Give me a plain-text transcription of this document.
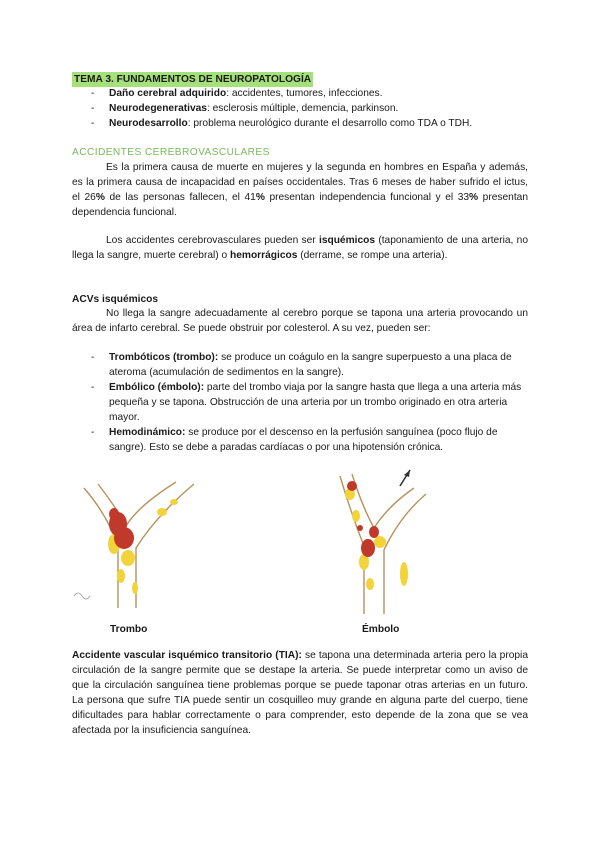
TEMA 3. FUNDAMENTOS DE NEUROPATOLOGÍA
- Daño cerebral adquirido: accidentes, tumores, infecciones.
- Neurodegenerativas: esclerosis múltiple, demencia, parkinson.
- Neurodesarrollo: problema neurológico durante el desarrollo como TDA o TDH.
ACCIDENTES CEREBROVASCULARES

Es la primera causa de muerte en mujeres y la segunda en hombres en España y además, es la primera causa de incapacidad en países occidentales. Tras 6 meses de haber sufrido el ictus, el 26% de las personas fallecen, el 41% presentan independencia funcional y el 33% presentan dependencia funcional.

Los accidentes cerebrovasculares pueden ser isquémicos (taponamiento de una arteria, no llega la sangre, muerte cerebral) o hemorrágicos (derrame, se rompe una arteria).

ACVs isquémicos

No llega la sangre adecuadamente al cerebro porque se tapona una arteria provocando un área de infarto cerebral. Se puede obstruir por colesterol. A su vez, pueden ser:

- Trombóticos (trombo): se produce un coágulo en la sangre superpuesto a una placa de ateroma (acumulación de sedimentos en la sangre).
- Embólico (émbolo): parte del trombo viaja por la sangre hasta que llega a una arteria más pequeña y se tapona. Obstrucción de una arteria por un trombo originado en otra arteria mayor.
- Hemodinámico: se produce por el descenso en la perfusión sanguínea (poco flujo de sangre). Esto se debe a paradas cardíacas o por una hipotensión crónica.
Trombo	Émbolo
Accidente vascular isquémico transitorio (TIA): se tapona una determinada arteria pero la propia circulación de la sangre permite que se destape la arteria. Se puede interpretar como un aviso de que la circulación sanguínea tiene problemas porque se puede taponar otras arterias en un futuro. La persona que sufre TIA puede sentir un cosquilleo muy grande en alguna parte del cuerpo, tiene dificultades para hablar correctamente o para comprender, esto depende de la zona que se vea afectada por la insuficiencia sanguínea.
